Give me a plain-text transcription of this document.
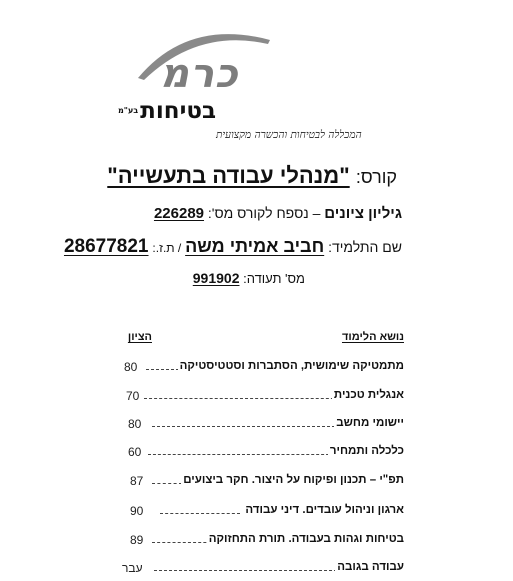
כרמ
בטיחות$^{בע"מ}$
המכללה לבטיחות והכשרה מקצועית
קורס: "מנהלי עבודה בתעשייה"
גיליון ציונים – נספח לקורס מס': 226289
שם התלמיד: חביב אמיתי משה / ת.ז.: 28677821
מס' תעודה: 991902
נושא הלימוד
הציון
מתמטיקה שימושית, הסתברות וסטטיסטיקה
80
אנגלית טכנית
70
יישומי מחשב
80
כלכלה ותמחיר
60
תפ"י – תכנון ופיקוח על היצור. חקר ביצועים
87
ארגון וניהול עובדים. דיני עבודה
90
בטיחות וגהות בעבודה. תורת התחזוקה
89
עבודה בגובה
עבר
